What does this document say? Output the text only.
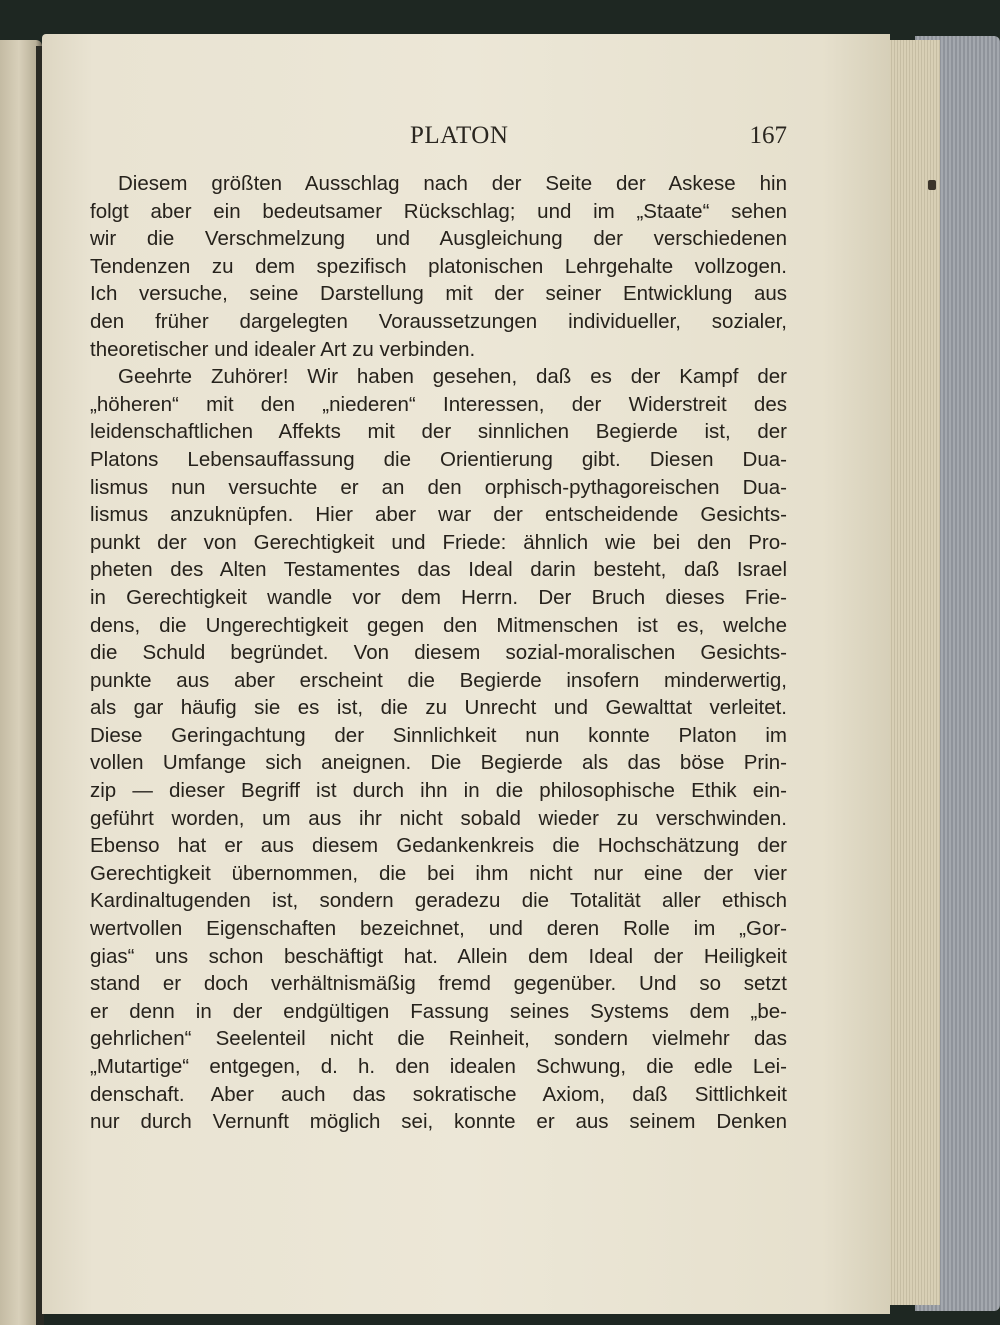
PLATON	167
Diesem größten Ausschlag nach der Seite der Askese hin
folgt aber ein bedeutsamer Rückschlag; und im „Staate“ sehen
wir die Verschmelzung und Ausgleichung der verschiedenen
Tendenzen zu dem spezifisch platonischen Lehrgehalte vollzogen.
Ich versuche, seine Darstellung mit der seiner Entwicklung aus
den früher dargelegten Voraussetzungen individueller, sozialer,
theoretischer und idealer Art zu verbinden.
Geehrte Zuhörer! Wir haben gesehen, daß es der Kampf der
„höheren“ mit den „niederen“ Interessen, der Widerstreit des
leidenschaftlichen Affekts mit der sinnlichen Begierde ist, der
Platons Lebensauffassung die Orientierung gibt. Diesen Dua-
lismus nun versuchte er an den orphisch-pythagoreischen Dua-
lismus anzuknüpfen. Hier aber war der entscheidende Gesichts-
punkt der von Gerechtigkeit und Friede: ähnlich wie bei den Pro-
pheten des Alten Testamentes das Ideal darin besteht, daß Israel
in Gerechtigkeit wandle vor dem Herrn. Der Bruch dieses Frie-
dens, die Ungerechtigkeit gegen den Mitmenschen ist es, welche
die Schuld begründet. Von diesem sozial-moralischen Gesichts-
punkte aus aber erscheint die Begierde insofern minderwertig,
als gar häufig sie es ist, die zu Unrecht und Gewalttat verleitet.
Diese Geringachtung der Sinnlichkeit nun konnte Platon im
vollen Umfange sich aneignen. Die Begierde als das böse Prin-
zip — dieser Begriff ist durch ihn in die philosophische Ethik ein-
geführt worden, um aus ihr nicht sobald wieder zu verschwinden.
Ebenso hat er aus diesem Gedankenkreis die Hochschätzung der
Gerechtigkeit übernommen, die bei ihm nicht nur eine der vier
Kardinaltugenden ist, sondern geradezu die Totalität aller ethisch
wertvollen Eigenschaften bezeichnet, und deren Rolle im „Gor-
gias“ uns schon beschäftigt hat. Allein dem Ideal der Heiligkeit
stand er doch verhältnismäßig fremd gegenüber. Und so setzt
er denn in der endgültigen Fassung seines Systems dem „be-
gehrlichen“ Seelenteil nicht die Reinheit, sondern vielmehr das
„Mutartige“ entgegen, d. h. den idealen Schwung, die edle Lei-
denschaft. Aber auch das sokratische Axiom, daß Sittlichkeit
nur durch Vernunft möglich sei, konnte er aus seinem Denken
